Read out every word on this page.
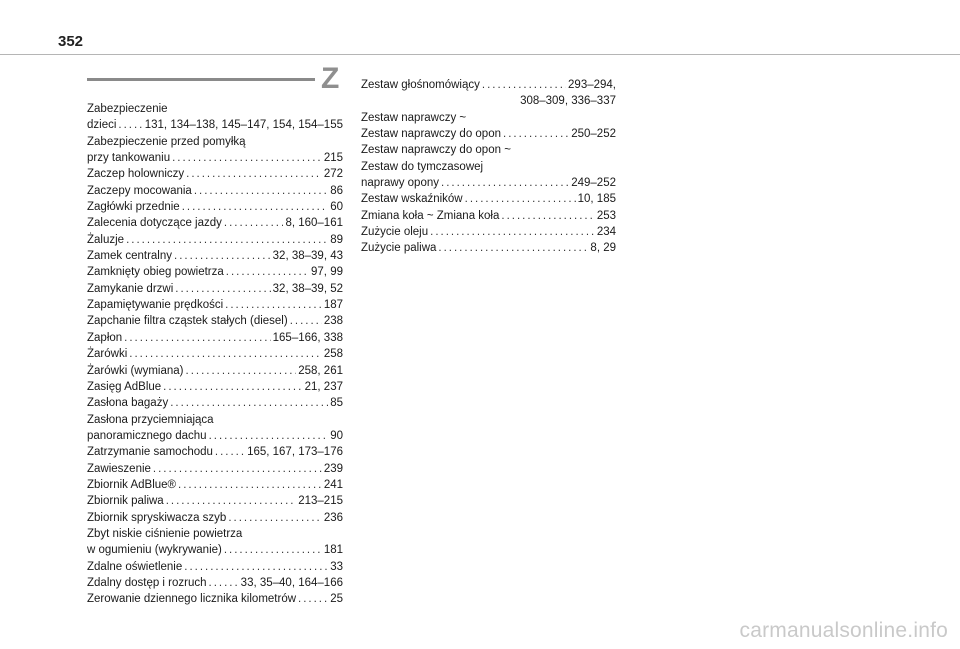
352
Z
Zabezpieczenie
dzieci . . . 131, 134–138, 145–147, 154, 154–155
Zabezpieczenie przed pomyłką
przy tankowaniu . . .	215
Zaczep holowniczy . . .	272
Zaczepy mocowania . . .	86
Zagłówki przednie . . .	60
Zalecenia dotyczące jazdy . . .	8, 160–161
Żaluzje . . .	89
Zamek centralny . . .	32, 38–39, 43
Zamknięty obieg powietrza . . .	97, 99
Zamykanie drzwi . . .	32, 38–39, 52
Zapamiętywanie prędkości . . .	187
Zapchanie filtra cząstek stałych (diesel) . . .	238
Zapłon . . .	165–166, 338
Żarówki . . .	258
Żarówki (wymiana) . . .	258, 261
Zasięg AdBlue . . .	21, 237
Zasłona bagaży . . .	85
Zasłona przyciemniająca
panoramicznego dachu . . .	90
Zatrzymanie samochodu . . .	165, 167, 173–176
Zawieszenie . . .	239
Zbiornik AdBlue® . . .	241
Zbiornik paliwa . . .	213–215
Zbiornik spryskiwacza szyb . . .	236
Zbyt niskie ciśnienie powietrza
w ogumieniu (wykrywanie) . . .	181
Zdalne oświetlenie . . .	33
Zdalny dostęp i rozruch . . .	33, 35–40, 164–166
Zerowanie dziennego licznika kilometrów . . .	25
Zestaw głośnomówiący . . .	293–294,
308–309, 336–337
Zestaw naprawczy ~
Zestaw naprawczy do opon . . .	250–252
Zestaw naprawczy do opon ~
Zestaw do tymczasowej
naprawy opony . . .	249–252
Zestaw wskaźników . . .	10, 185
Zmiana koła ~ Zmiana koła . . .	253
Zużycie oleju . . .	234
Zużycie paliwa . . .	8, 29
carmanualsonline.info
